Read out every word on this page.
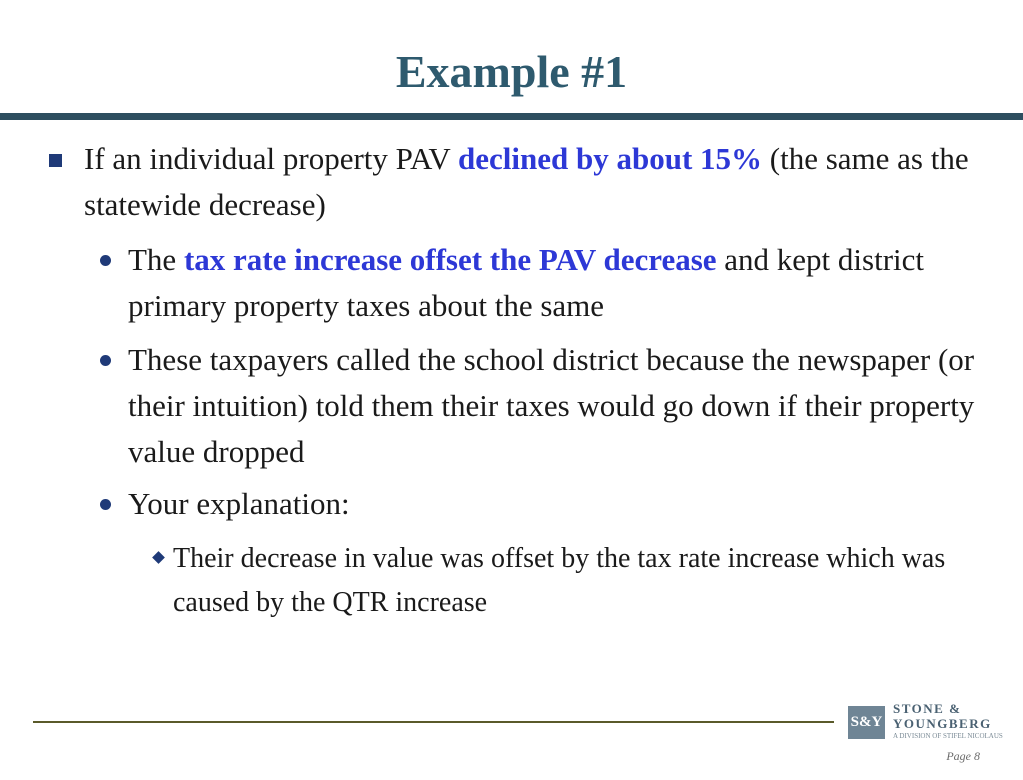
Example #1
If an individual property PAV declined by about 15% (the same as the statewide decrease)
The tax rate increase offset the PAV decrease and kept district primary property taxes about the same
These taxpayers called the school district because the newspaper (or their intuition) told them their taxes would go down if their property value dropped
Your explanation:
Their decrease in value was offset by the tax rate increase which was caused by the QTR increase
S&Y
STONE &
YOUNGBERG
A DIVISION OF STIFEL NICOLAUS
Page 8
